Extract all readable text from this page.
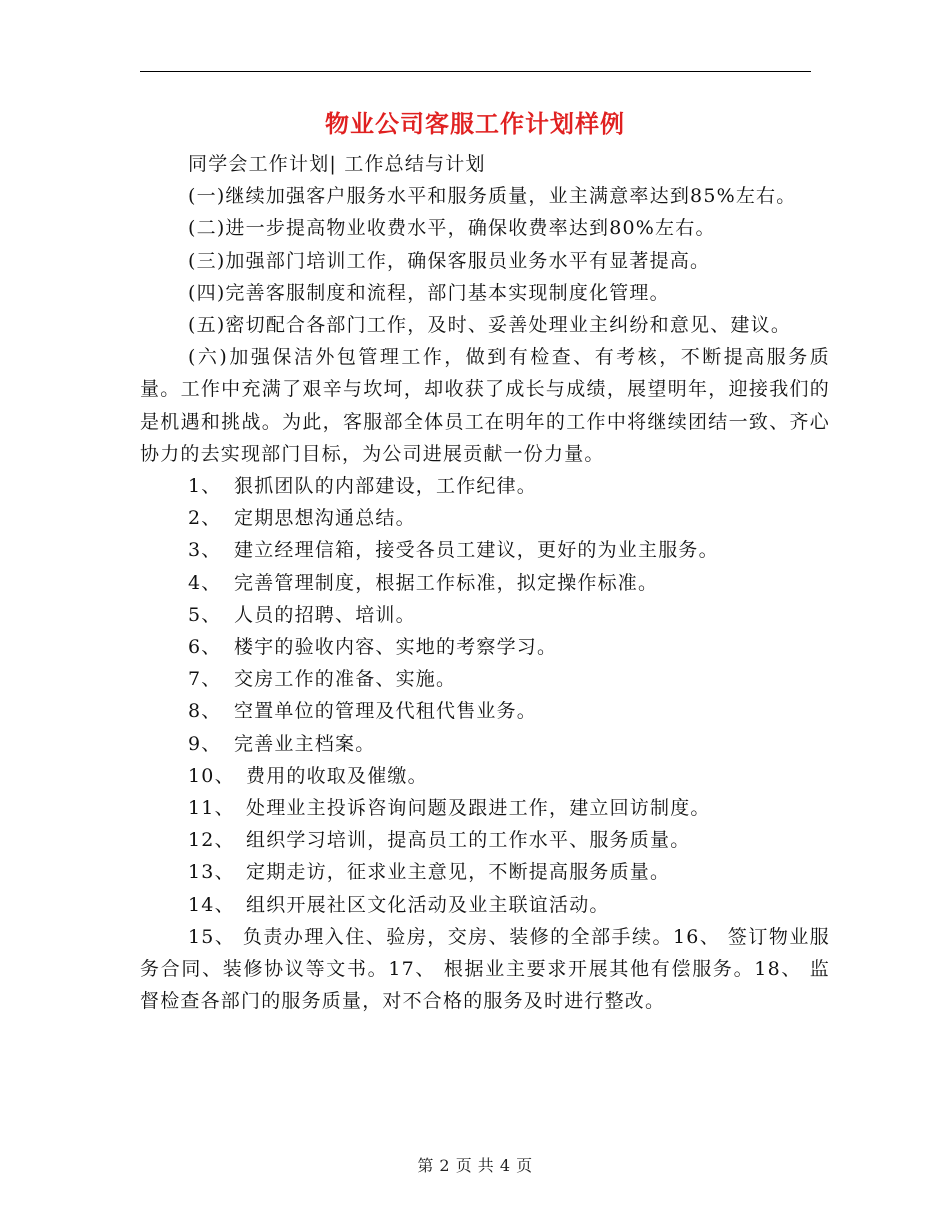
物业公司客服工作计划样例

同学会工作计划| 工作总结与计划

(一)继续加强客户服务水平和服务质量，业主满意率达到85%左右。

(二)进一步提高物业收费水平，确保收费率达到80%左右。

(三)加强部门培训工作，确保客服员业务水平有显著提高。

(四)完善客服制度和流程，部门基本实现制度化管理。

(五)密切配合各部门工作，及时、妥善处理业主纠纷和意见、建议。

(六)加强保洁外包管理工作，做到有检查、有考核，不断提高服务质量。工作中充满了艰辛与坎坷，却收获了成长与成绩，展望明年，迎接我们的是机遇和挑战。为此，客服部全体员工在明年的工作中将继续团结一致、齐心协力的去实现部门目标，为公司进展贡献一份力量。

1、 狠抓团队的内部建设，工作纪律。

2、 定期思想沟通总结。

3、 建立经理信箱，接受各员工建议，更好的为业主服务。

4、 完善管理制度，根据工作标准，拟定操作标准。

5、 人员的招聘、培训。

6、 楼宇的验收内容、实地的考察学习。

7、 交房工作的准备、实施。

8、 空置单位的管理及代租代售业务。

9、 完善业主档案。

10、 费用的收取及催缴。

11、 处理业主投诉咨询问题及跟进工作，建立回访制度。

12、 组织学习培训，提高员工的工作水平、服务质量。

13、 定期走访，征求业主意见，不断提高服务质量。

14、 组织开展社区文化活动及业主联谊活动。

15、 负责办理入住、验房，交房、装修的全部手续。16、 签订物业服务合同、装修协议等文书。17、 根据业主要求开展其他有偿服务。18、 监督检查各部门的服务质量，对不合格的服务及时进行整改。

第 2 页 共 4 页
